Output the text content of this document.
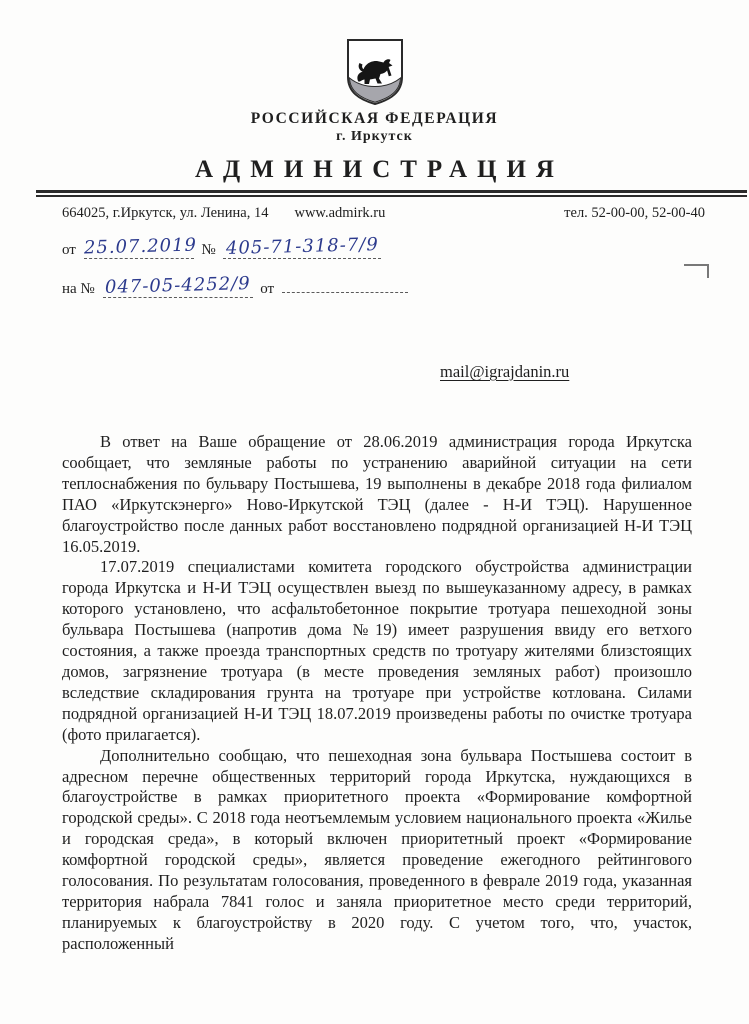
РОССИЙСКАЯ ФЕДЕРАЦИЯ
г. Иркутск
АДМИНИСТРАЦИЯ
664025, г.Иркутск, ул. Ленина, 14 www.admirk.ru	тел. 52-00-00, 52-00-40
от 25.07.2019 № 405-71-318-7/9
на № 047-05-4252/9 от
mail@igrajdanin.ru

В ответ на Ваше обращение от 28.06.2019 администрация города Иркутска сообщает, что земляные работы по устранению аварийной ситуации на сети теплоснабжения по бульвару Постышева, 19 выполнены в декабре 2018 года филиалом ПАО «Иркутскэнерго» Ново-Иркутской ТЭЦ (далее - Н-И ТЭЦ). Нарушенное благоустройство после данных работ восстановлено подрядной организацией Н-И ТЭЦ 16.05.2019.

17.07.2019 специалистами комитета городского обустройства администрации города Иркутска и Н-И ТЭЦ осуществлен выезд по вышеуказанному адресу, в рамках которого установлено, что асфальтобетонное покрытие тротуара пешеходной зоны бульвара Постышева (напротив дома №19) имеет разрушения ввиду его ветхого состояния, а также проезда транспортных средств по тротуару жителями близстоящих домов, загрязнение тротуара (в месте проведения земляных работ) произошло вследствие складирования грунта на тротуаре при устройстве котлована. Силами подрядной организацией Н-И ТЭЦ 18.07.2019 произведены работы по очистке тротуара (фото прилагается).

Дополнительно сообщаю, что пешеходная зона бульвара Постышева состоит в адресном перечне общественных территорий города Иркутска, нуждающихся в благоустройстве в рамках приоритетного проекта «Формирование комфортной городской среды». С 2018 года неотъемлемым условием национального проекта «Жилье и городская среда», в который включен приоритетный проект «Формирование комфортной городской среды», является проведение ежегодного рейтингового голосования. По результатам голосования, проведенного в феврале 2019 года, указанная территория набрала 7841 голос и заняла приоритетное место среди территорий, планируемых к благоустройству в 2020 году. С учетом того, что, участок, расположенный
